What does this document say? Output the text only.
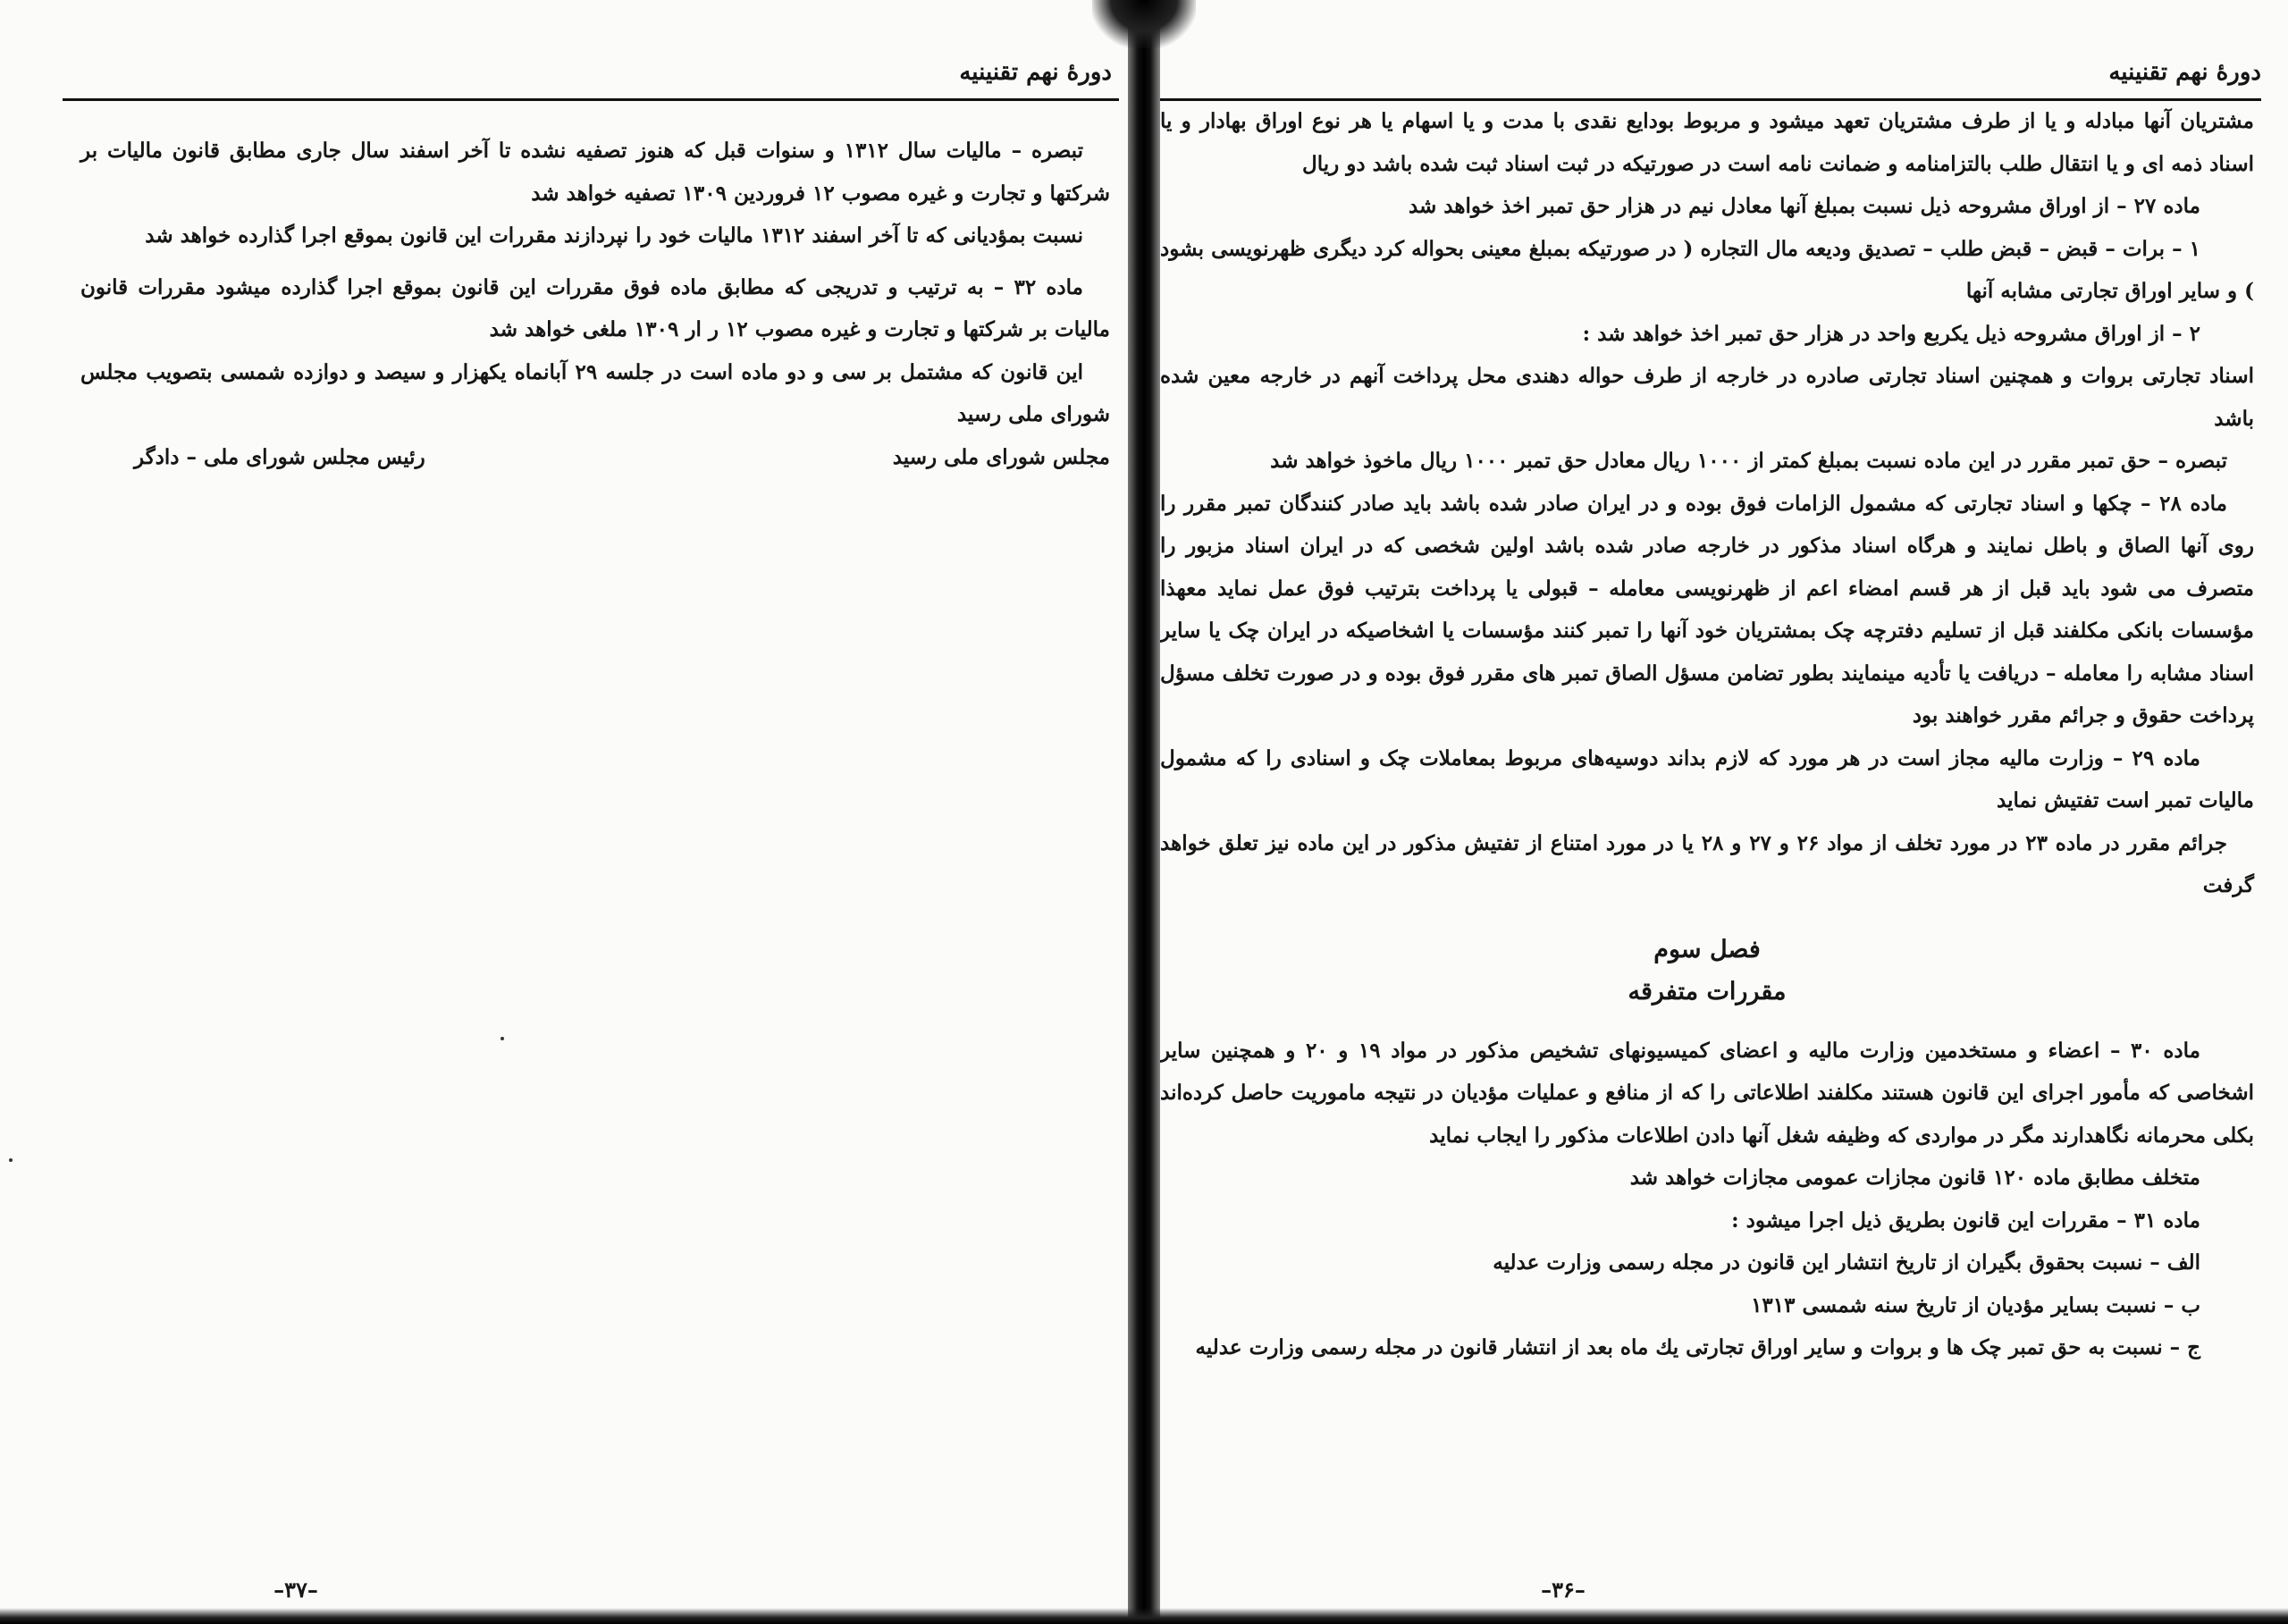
دورهٔ نهم تقنینیه

تبصره – مالیات سال ۱۳۱۲ و سنوات قبل که هنوز تصفیه نشده تا آخر اسفند سال جاری مطابق قانون مالیات بر شرکتها و تجارت و غیره مصوب ۱۲ فروردین ۱۳۰۹ تصفیه خواهد شد

نسبت بمؤدیانی که تا آخر اسفند ۱۳۱۲ مالیات خود را نپردازند مقررات این قانون بموقع اجرا گذارده خواهد شد

ماده ۳۲ – به ترتیب و تدریجی که مطابق ماده فوق مقررات این قانون بموقع اجرا گذارده میشود مقررات قانون مالیات بر شرکتها و تجارت و غیره مصوب ۱۲ ر ار ۱۳۰۹ ملغی خواهد شد

این قانون که مشتمل بر سی و دو ماده است در جلسه ۲۹ آبانماه یکهزار و سیصد و دوازده شمسی بتصویب مجلس شورای ملی رسید

مجلس شورای ملی رسید
رئیس مجلس شورای ملی – دادگر
–۳۷–
دورهٔ نهم تقنینیه

مشتریان آنها مبادله و یا از طرف مشتریان تعهد میشود و مربوط بودایع نقدی با مدت و یا اسهام یا هر نوع اوراق بهادار و یا اسناد ذمه ای و یا انتقال طلب بالتزامنامه و ضمانت نامه است در صورتیکه در ثبت اسناد ثبت شده باشد دو ریال

ماده ۲۷ – از اوراق مشروحه ذیل نسبت بمبلغ آنها معادل نیم در هزار حق تمبر اخذ خواهد شد

۱ – برات – قبض – قبض طلب – تصدیق ودیعه مال التجاره ( در صورتیکه بمبلغ معینی بحواله کرد دیگری ظهرنویسی بشود ) و سایر اوراق تجارتی مشابه آنها

۲ – از اوراق مشروحه ذیل یکربع واحد در هزار حق تمبر اخذ خواهد شد :

اسناد تجارتی بروات و همچنین اسناد تجارتی صادره در خارجه از طرف حواله دهندی محل پرداخت آنهم در خارجه معین شده باشد

تبصره – حق تمبر مقرر در این ماده نسبت بمبلغ کمتر از ۱۰۰۰ ریال معادل حق تمبر ۱۰۰۰ ریال ماخوذ خواهد شد

ماده ۲۸ – چکها و اسناد تجارتی که مشمول الزامات فوق بوده و در ایران صادر شده باشد باید صادر کنندگان تمبر مقرر را روی آنها الصاق و باطل نمایند و هرگاه اسناد مذکور در خارجه صادر شده باشد اولین شخصی که در ایران اسناد مزبور را متصرف می شود باید قبل از هر قسم امضاء اعم از ظهرنویسی معامله – قبولی یا پرداخت بترتیب فوق عمل نماید معهذا مؤسسات بانکی مکلفند قبل از تسلیم دفترچه چک بمشتریان خود آنها را تمبر کنند مؤسسات یا اشخاصیکه در ایران چک یا سایر اسناد مشابه را معامله – دریافت یا تأدیه مینمایند بطور تضامن مسؤل الصاق تمبر های مقرر فوق بوده و در صورت تخلف مسؤل پرداخت حقوق و جرائم مقرر خواهند بود

ماده ۲۹ – وزارت مالیه مجاز است در هر مورد که لازم بداند دوسیه‌های مربوط بمعاملات چک و اسنادی را که مشمول مالیات تمبر است تفتیش نماید

جرائم مقرر در ماده ۲۳ در مورد تخلف از مواد ۲۶ و ۲۷ و ۲۸ یا در مورد امتناع از تفتیش مذکور در این ماده نیز تعلق خواهد گرفت

فصل سوم

مقررات متفرقه

ماده ۳۰ – اعضاء و مستخدمین وزارت مالیه و اعضای کمیسیونهای تشخیص مذکور در مواد ۱۹ و ۲۰ و همچنین سایر اشخاصی که مأمور اجرای این قانون هستند مکلفند اطلاعاتی را که از منافع و عملیات مؤدیان در نتیجه ماموریت حاصل کرده‌اند بکلی محرمانه نگاهدارند مگر در مواردی که وظیفه شغل آنها دادن اطلاعات مذکور را ایجاب نماید

متخلف مطابق ماده ۱۲۰ قانون مجازات عمومی مجازات خواهد شد

ماده ۳۱ – مقررات این قانون بطریق ذیل اجرا میشود :

الف – نسبت بحقوق بگیران از تاریخ انتشار این قانون در مجله رسمی وزارت عدلیه

ب – نسبت بسایر مؤدیان از تاریخ سنه شمسی ۱۳۱۳

ج – نسبت به حق تمبر چک ها و بروات و سایر اوراق تجارتی یك ماه بعد از انتشار قانون در مجله رسمی وزارت عدلیه

–۳۶–
